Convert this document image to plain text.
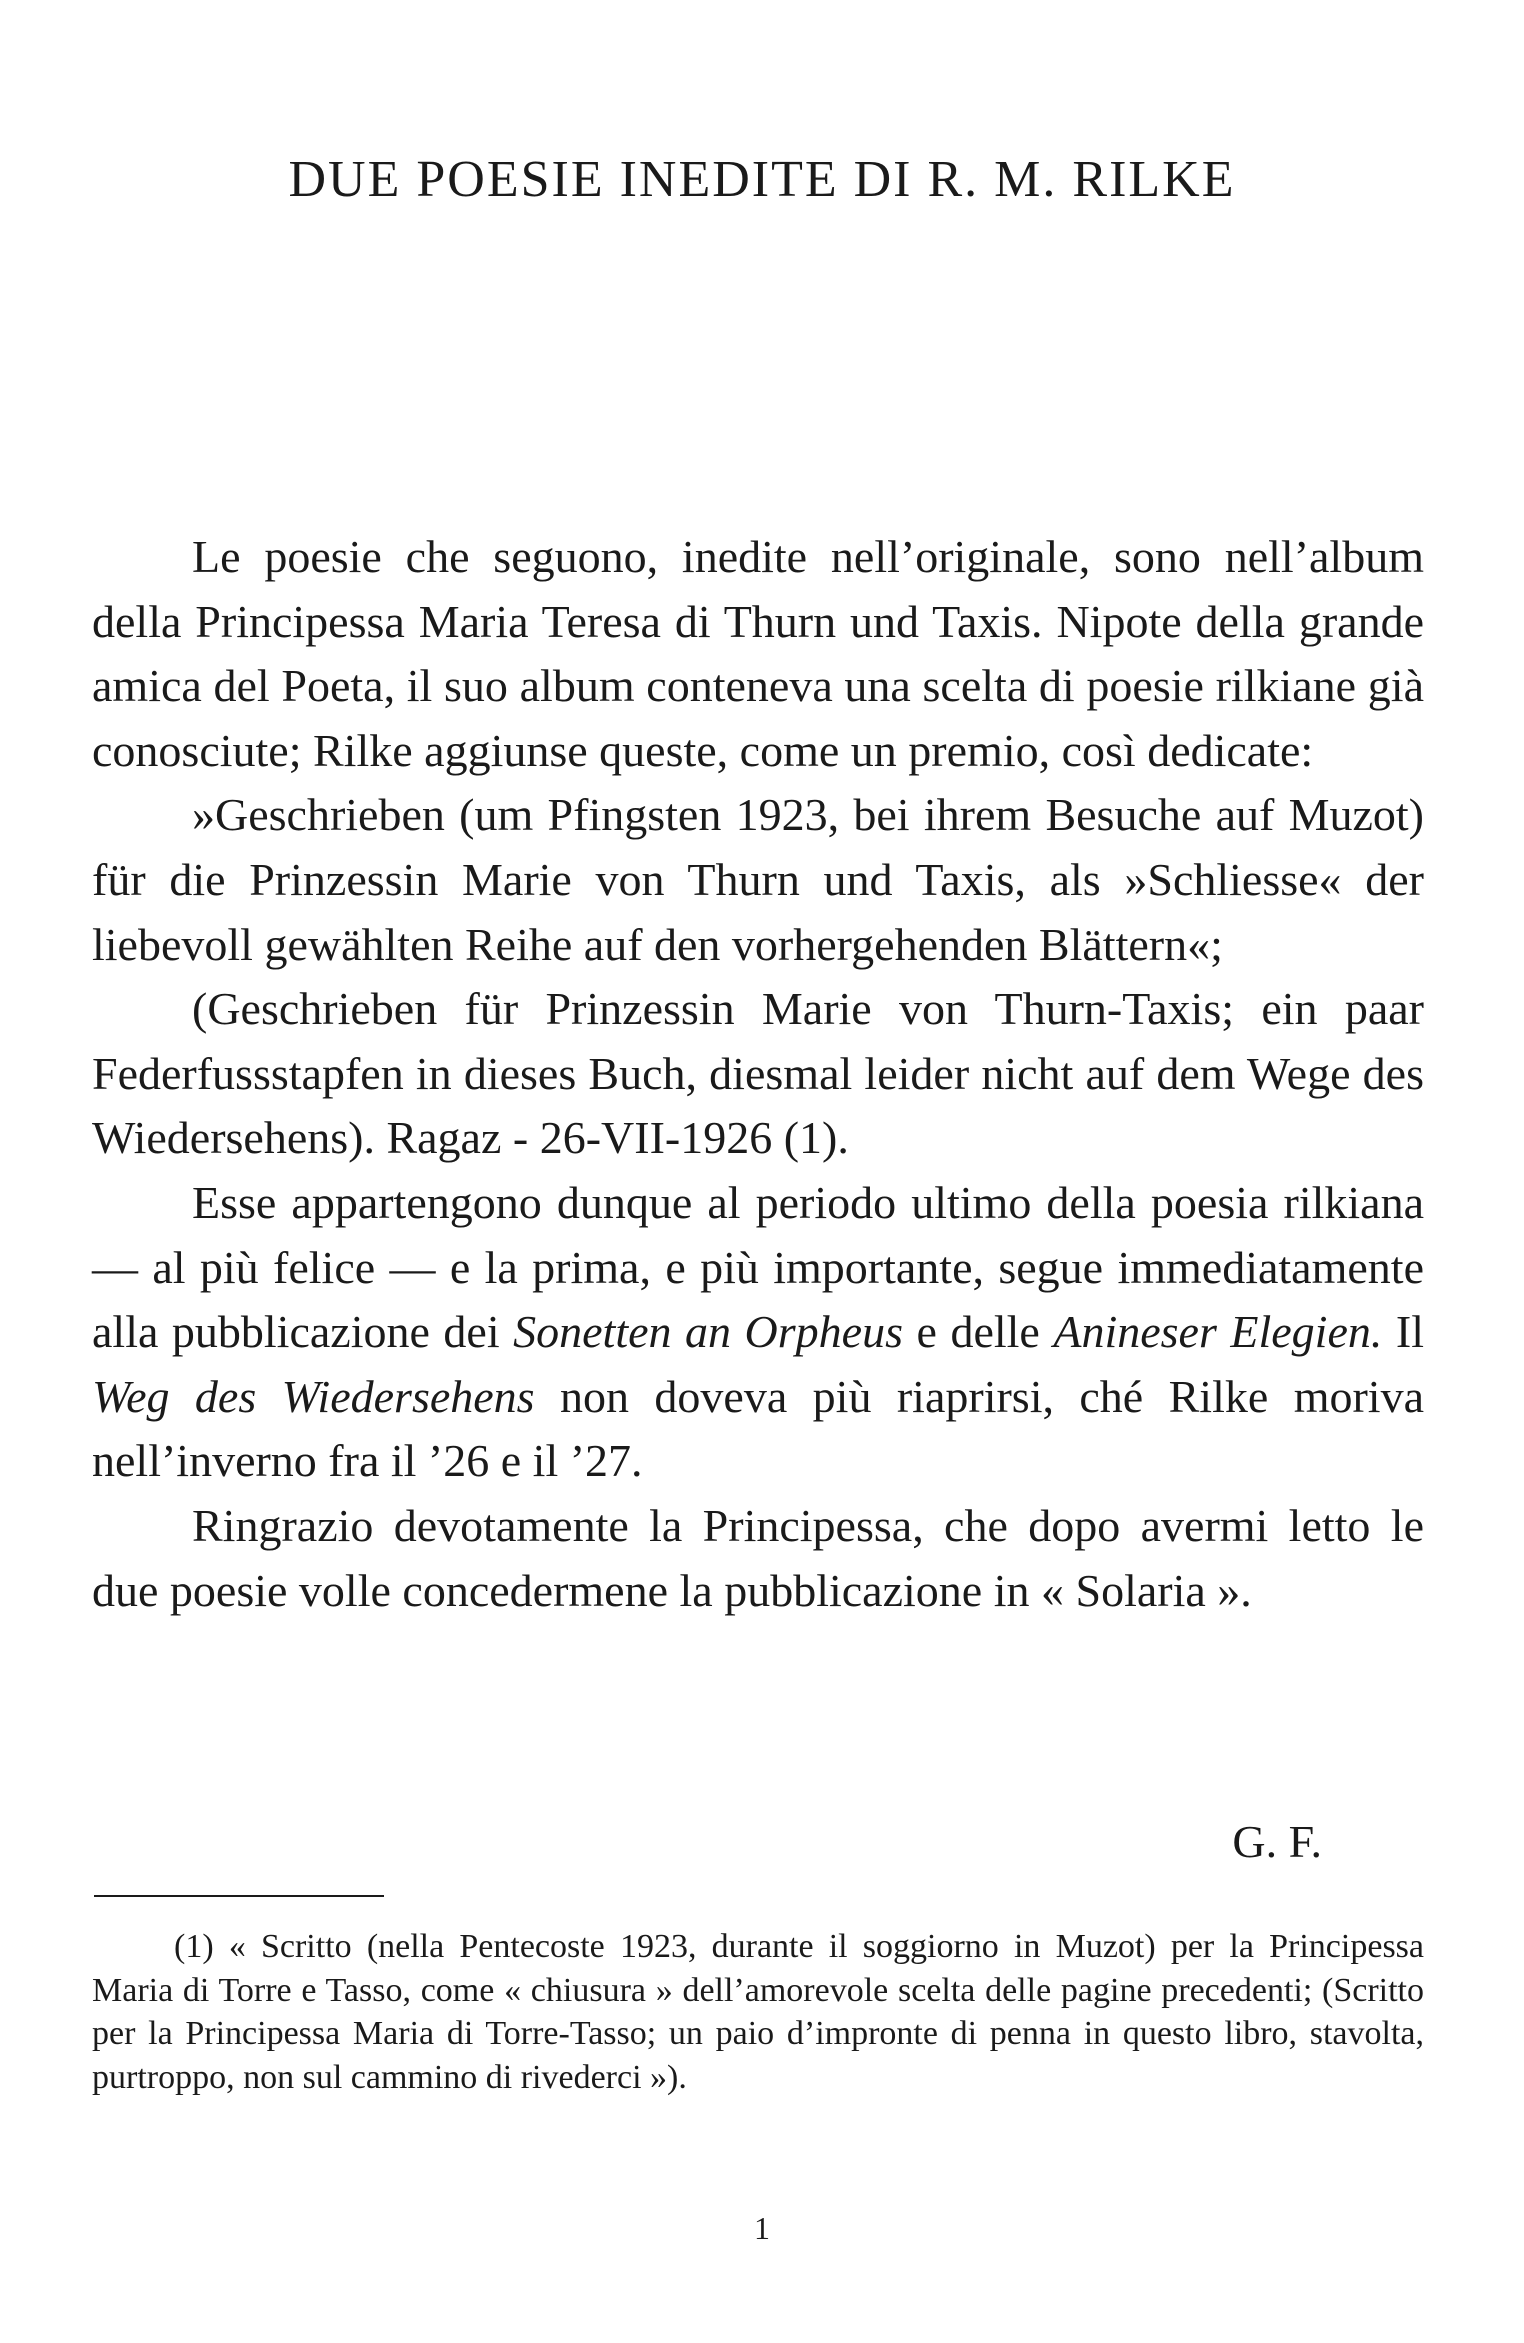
DUE POESIE INEDITE DI R. M. RILKE

Le poesie che seguono, inedite nell’originale, sono nell’album della Principessa Maria Teresa di Thurn und Taxis. Nipote della grande amica del Poeta, il suo album conteneva una scelta di poesie rilkiane già conosciute; Rilke aggiunse queste, come un premio, così dedicate:

»Geschrieben (um Pfingsten 1923, bei ihrem Besuche auf Muzot) für die Prinzessin Marie von Thurn und Taxis, als »Schliesse« der liebevoll gewählten Reihe auf den vorhergehenden Blättern«;

(Geschrieben für Prinzessin Marie von Thurn-Taxis; ein paar Federfussstapfen in dieses Buch, diesmal leider nicht auf dem Wege des Wiedersehens). Ragaz - 26-VII-1926 (1).

Esse appartengono dunque al periodo ultimo della poesia rilkiana — al più felice — e la prima, e più importante, segue immediatamente alla pubblicazione dei Sonetten an Orpheus e delle Anineser Elegien. Il Weg des Wiedersehens non doveva più riaprirsi, ché Rilke moriva nell’inverno fra il ’26 e il ’27.

Ringrazio devotamente la Principessa, che dopo avermi letto le due poesie volle concedermene la pubblicazione in « Solaria ».

G. F.

(1) « Scritto (nella Pentecoste 1923, durante il soggiorno in Muzot) per la Principessa Maria di Torre e Tasso, come « chiusura » dell’amorevole scelta delle pagine precedenti; (Scritto per la Principessa Maria di Torre-Tasso; un paio d’impronte di penna in questo libro, stavolta, purtroppo, non sul cammino di rivederci »).

1
